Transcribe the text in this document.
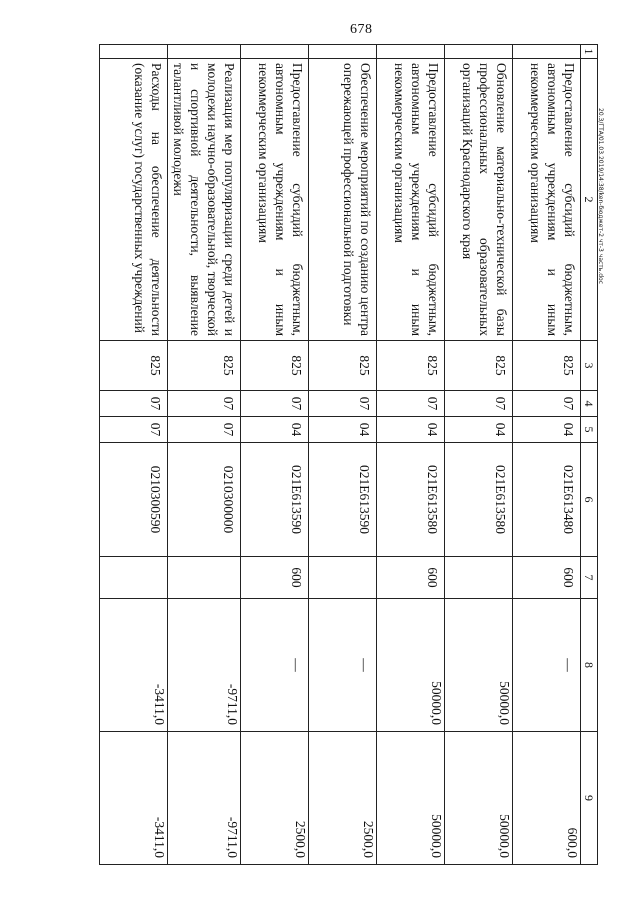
678
20.З/ГТA/01.03.2019/14:38/ken-бюджет-2 чт-3 часть.doc
1	2	3	4	5	6	7	8	9
	Предоставление субсидий бюджетным, автономным учреждениям и иным некоммерческим организациям	825	07	04	021E613480	600	—	600,0
	Обновление материально-технической базы профессиональных образовательных организаций Краснодарского края	825	07	04	021E613580		50000,0	50000,0
	Предоставление субсидий бюджетным, автономным учреждениям и иным некоммерческим организациям	825	07	04	021E613580	600	50000,0	50000,0
	Обеспечение мероприятий по созданию центра опережающей профессиональной подготовки	825	07	04	021E613590		—	2500,0
	Предоставление субсидий бюджетным, автономным учреждениям и иным некоммерческим организациям	825	07	04	021E613590	600	—	2500,0
	Реализация мер популяризации среди детей и молодежи научно-образовательной, творческой и спортивной деятельности, выявление талантливой молодежи	825	07	07	0210300000		-9711,0	-9711,0
	Расходы на обеспечение деятельности (оказание услуг) государственных учреждений	825	07	07	0210300590		-3411,0	-3411,0
